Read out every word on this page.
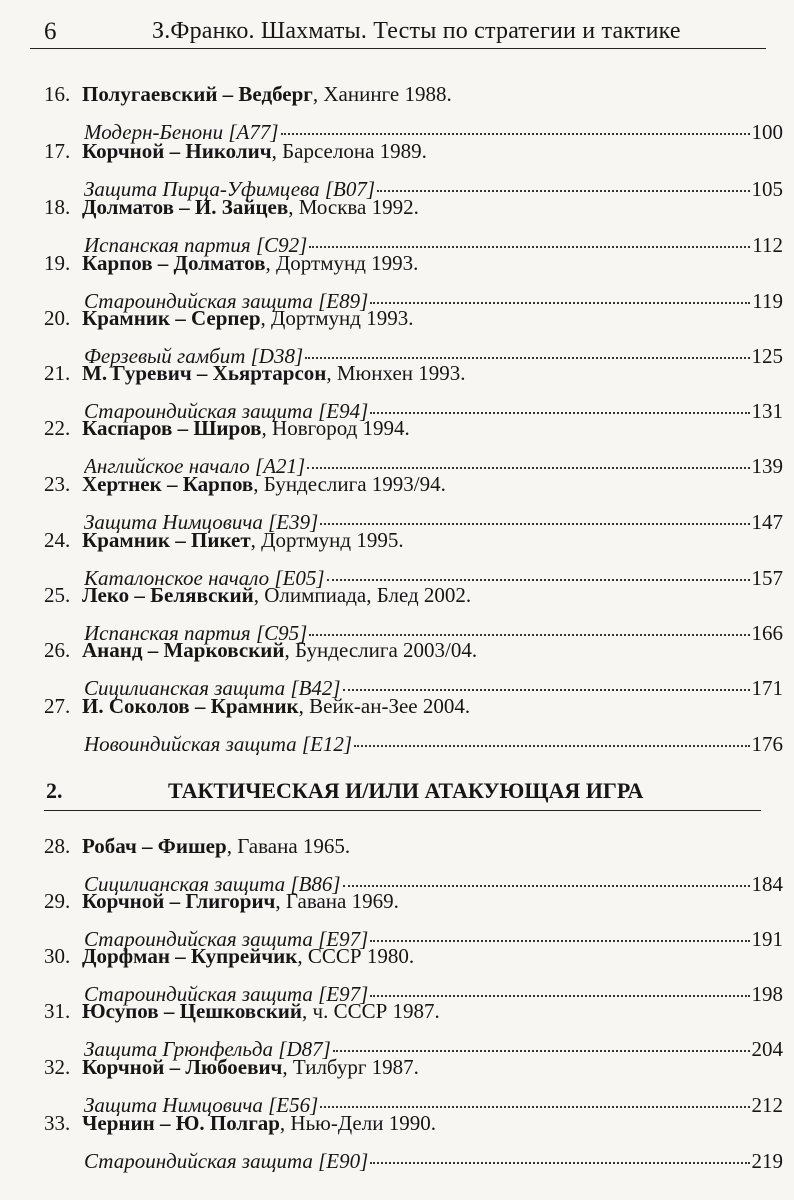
6	З.Франко. Шахматы. Тесты по стратегии и тактике
16. Полугаевский – Ведберг, Ханинге 1988.
Модерн-Бенони [A77]	100
17. Корчной – Николич, Барселона 1989.
Защита Пирца-Уфимцева [B07]	105
18. Долматов – И. Зайцев, Москва 1992.
Испанская партия [C92]	112
19. Карпов – Долматов, Дортмунд 1993.
Староиндийская защита [E89]	119
20. Крамник – Серпер, Дортмунд 1993.
Ферзевый гамбит [D38]	125
21. М. Гуревич – Хьяртарсон, Мюнхен 1993.
Староиндийская защита [E94]	131
22. Каспаров – Широв, Новгород 1994.
Английское начало [A21]	139
23. Хертнек – Карпов, Бундеслига 1993/94.
Защита Нимцовича [E39]	147
24. Крамник – Пикет, Дортмунд 1995.
Каталонское начало [E05]	157
25. Леко – Белявский, Олимпиада, Блед 2002.
Испанская партия [C95]	166
26. Ананд – Марковский, Бундеслига 2003/04.
Сицилианская защита [B42]	171
27. И. Соколов – Крамник, Вейк-ан-Зее 2004.
Новоиндийская защита [E12]	176
2.	ТАКТИЧЕСКАЯ И/ИЛИ АТАКУЮЩАЯ ИГРА
28. Робач – Фишер, Гавана 1965.
Сицилианская защита [B86]	184
29. Корчной – Глигорич, Гавана 1969.
Староиндийская защита [E97]	191
30. Дорфман – Купрейчик, СССР 1980.
Староиндийская защита [E97]	198
31. Юсупов – Цешковский, ч. СССР 1987.
Защита Грюнфельда [D87]	204
32. Корчной – Любоевич, Тилбург 1987.
Защита Нимцовича [E56]	212
33. Чернин – Ю. Полгар, Нью-Дели 1990.
Староиндийская защита [E90]	219
